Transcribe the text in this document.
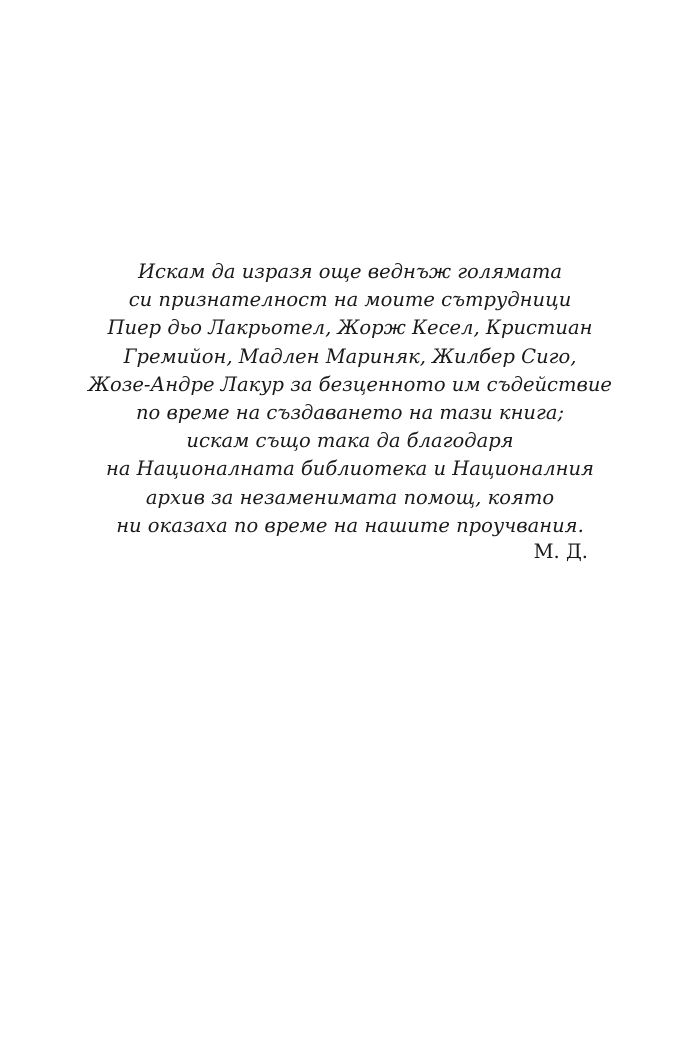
Искам да изразя още веднъж голямата
си признателност на моите сътрудници
Пиер дьо Лакрьотел, Жорж Кесел, Кристиан
Гремийон, Мадлен Мариняк, Жилбер Сиго,
Жозе-Андре Лакур за безценното им съдействие
по време на създаването на тази книга;
искам също така да благодаря
на Националната библиотека и Националния
архив за незаменимата помощ, която
ни оказаха по време на нашите проучвания.
М. Д.
